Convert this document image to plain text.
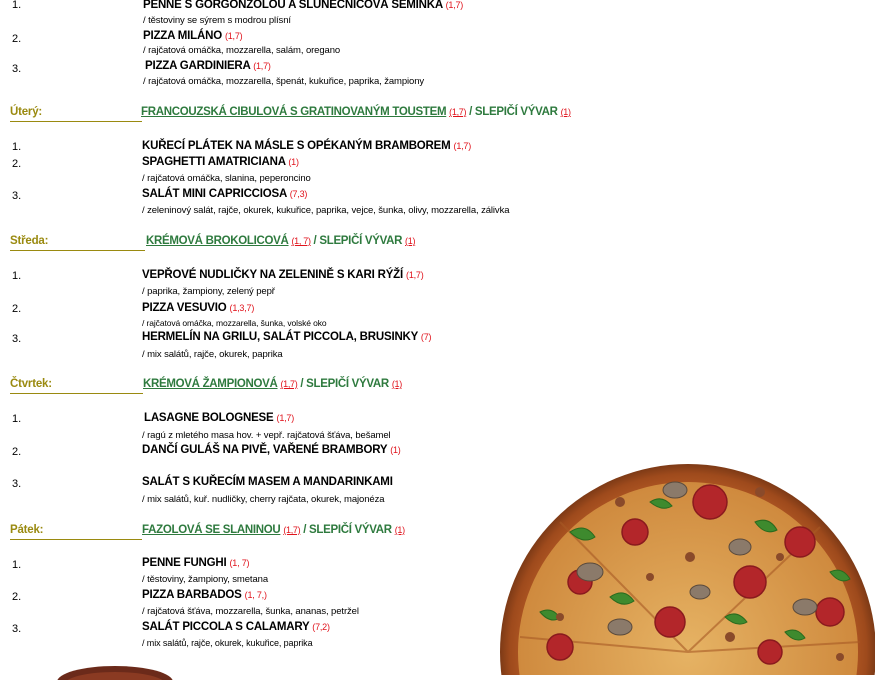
1.	PENNE S GORGONZOLOU A SLUNEČNICOVÁ SEMÍNKA (1,7)
/ těstoviny se sýrem s modrou plísní
2.	PIZZA MILÁNO (1,7)
/ rajčatová omáčka, mozzarella, salám, oregano
3.	PIZZA GARDINIERA (1,7)
/ rajčatová omáčka, mozzarella, špenát, kukuřice, paprika, žampiony
Úterý:	FRANCOUZSKÁ CIBULOVÁ S GRATINOVANÝM TOUSTEM (1,7) / SLEPIČÍ VÝVAR (1)
1.	KUŘECÍ PLÁTEK NA MÁSLE S OPÉKANÝM BRAMBOREM (1,7)
2.	SPAGHETTI AMATRICIANA (1)
/ rajčatová omáčka, slanina, peperoncino
3.	SALÁT MINI CAPRICCIOSA (7,3)
/ zeleninový salát, rajče, okurek, kukuřice, paprika, vejce, šunka, olivy, mozzarella, zálivka
Středa:	KRÉMOVÁ BROKOLICOVÁ (1, 7) / SLEPIČÍ VÝVAR (1)
1.	VEPŘOVÉ NUDLIČKY NA ZELENINĚ S KARI RÝŽÍ (1,7)
/ paprika, žampiony, zelený pepř
2.	PIZZA VESUVIO (1,3,7)
/ rajčatová omáčka, mozzarella, šunka, volské oko
3.	HERMELÍN NA GRILU, SALÁT PICCOLA, BRUSINKY (7)
/ mix salátů, rajče, okurek, paprika
Čtvrtek:	KRÉMOVÁ ŽAMPIONOVÁ (1,7) / SLEPIČÍ VÝVAR (1)
1.	LASAGNE BOLOGNESE (1,7)
/ ragú z mletého masa hov. + vepř. rajčatová šťáva, bešamel
2.	DANČÍ GULÁŠ NA PIVĚ, VAŘENÉ BRAMBORY (1)
3.	SALÁT S KUŘECÍM MASEM A MANDARINKAMI
/ mix salátů, kuř. nudličky, cherry rajčata, okurek, majonéza
Pátek:	FAZOLOVÁ SE SLANINOU (1,7) / SLEPIČÍ VÝVAR (1)
1.	PENNE FUNGHI (1, 7)
/ těstoviny, žampiony, smetana
2.	PIZZA BARBADOS (1, 7,)
/ rajčatová šťáva, mozzarella, šunka, ananas, petržel
3.	SALÁT PICCOLA S CALAMARY (7,2)
/ mix salátů, rajče, okurek, kukuřice, paprika
